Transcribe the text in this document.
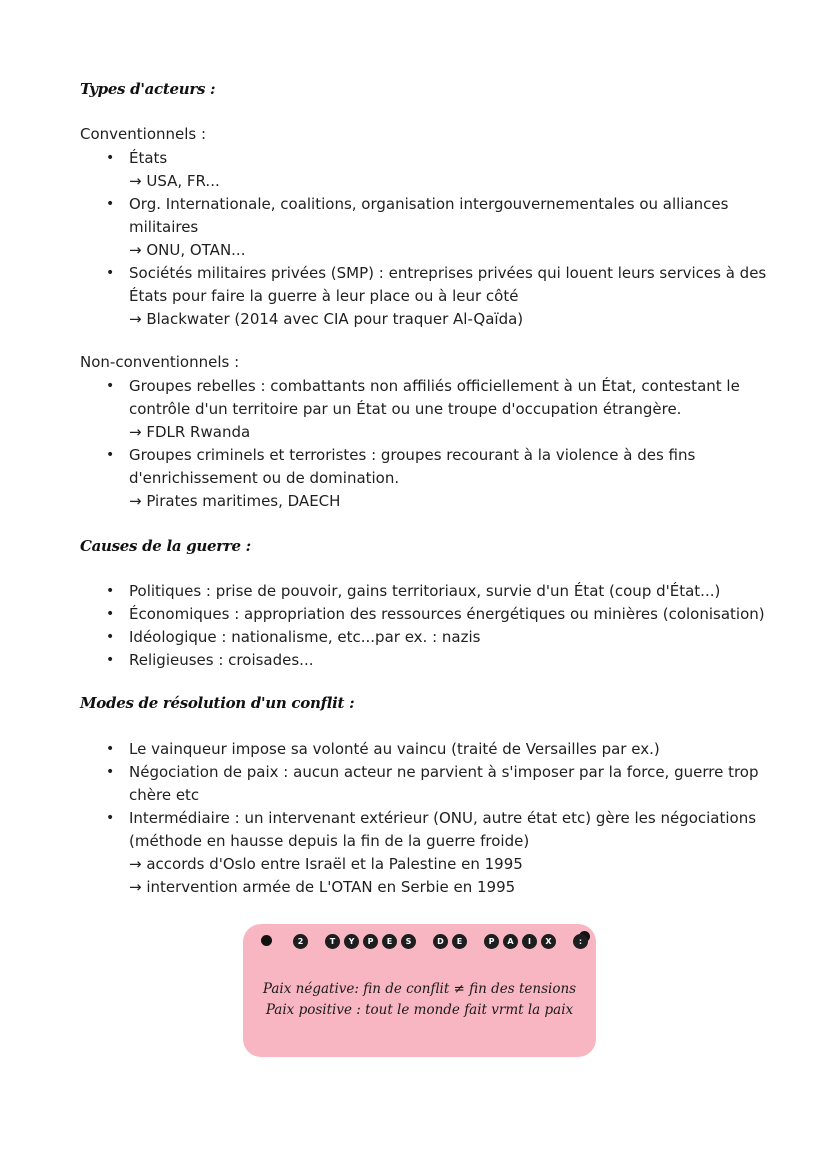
Types d'acteurs :
Conventionnels :
• États
→ USA, FR...
• Org. Internationale, coalitions, organisation intergouvernementales ou alliances militaires
→ ONU, OTAN...
• Sociétés militaires privées (SMP) : entreprises privées qui louent leurs services à des États pour faire la guerre à leur place ou à leur côté
→ Blackwater (2014 avec CIA pour traquer Al-Qaïda)
Non-conventionnels :
• Groupes rebelles : combattants non affiliés officiellement à un État, contestant le contrôle d'un territoire par un État ou une troupe d'occupation étrangère.
→ FDLR Rwanda
• Groupes criminels et terroristes : groupes recourant à la violence à des fins d'enrichissement ou de domination.
→ Pirates maritimes, DAECH
Causes de la guerre :
• Politiques : prise de pouvoir, gains territoriaux, survie d'un État (coup d'État...)
• Économiques : appropriation des ressources énergétiques ou minières (colonisation)
• Idéologique : nationalisme, etc...par ex. : nazis
• Religieuses : croisades...
Modes de résolution d'un conflit :
• Le vainqueur impose sa volonté au vaincu (traité de Versailles par ex.)
• Négociation de paix : aucun acteur ne parvient à s'imposer par la force, guerre trop chère etc
• Intermédiaire : un intervenant extérieur (ONU, autre état etc) gère les négociations (méthode en hausse depuis la fin de la guerre froide)
→ accords d'Oslo entre Israël et la Palestine en 1995
→ intervention armée de L'OTAN en Serbie en 1995
2	T	Y	P	E	S	D	E	P	A	I	X	:
Paix négative: fin de conflit ≠ fin des tensions
Paix positive : tout le monde fait vrmt la paix
